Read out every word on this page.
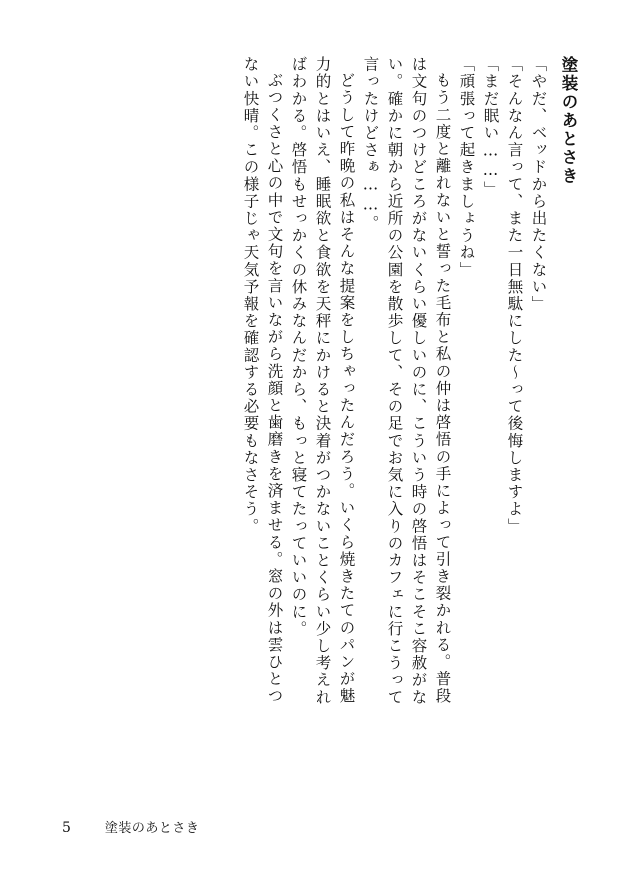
塗装のあとさき
「やだ、ベッドから出たくない」
「そんなん言って、また一日無駄にした〜って後悔しますよ」
「まだ眠い……」
「頑張って起きましょうね」
もう二度と離れないと誓った毛布と私の仲は啓悟の手によって引き裂かれる。普段
は文句のつけどころがないくらい優しいのに、こういう時の啓悟はそこそこ容赦がな
い。確かに朝から近所の公園を散歩して、その足でお気に入りのカフェに行こうって
言ったけどさぁ……。
どうして昨晩の私はそんな提案をしちゃったんだろう。いくら焼きたてのパンが魅
力的とはいえ、睡眠欲と食欲を天秤にかけると決着がつかないことくらい少し考えれ
ばわかる。啓悟もせっかくの休みなんだから、もっと寝てたっていいのに。
ぶつくさと心の中で文句を言いながら洗顔と歯磨きを済ませる。窓の外は雲ひとつ
ない快晴。この様子じゃ天気予報を確認する必要もなさそう。
5	塗装のあとさき
